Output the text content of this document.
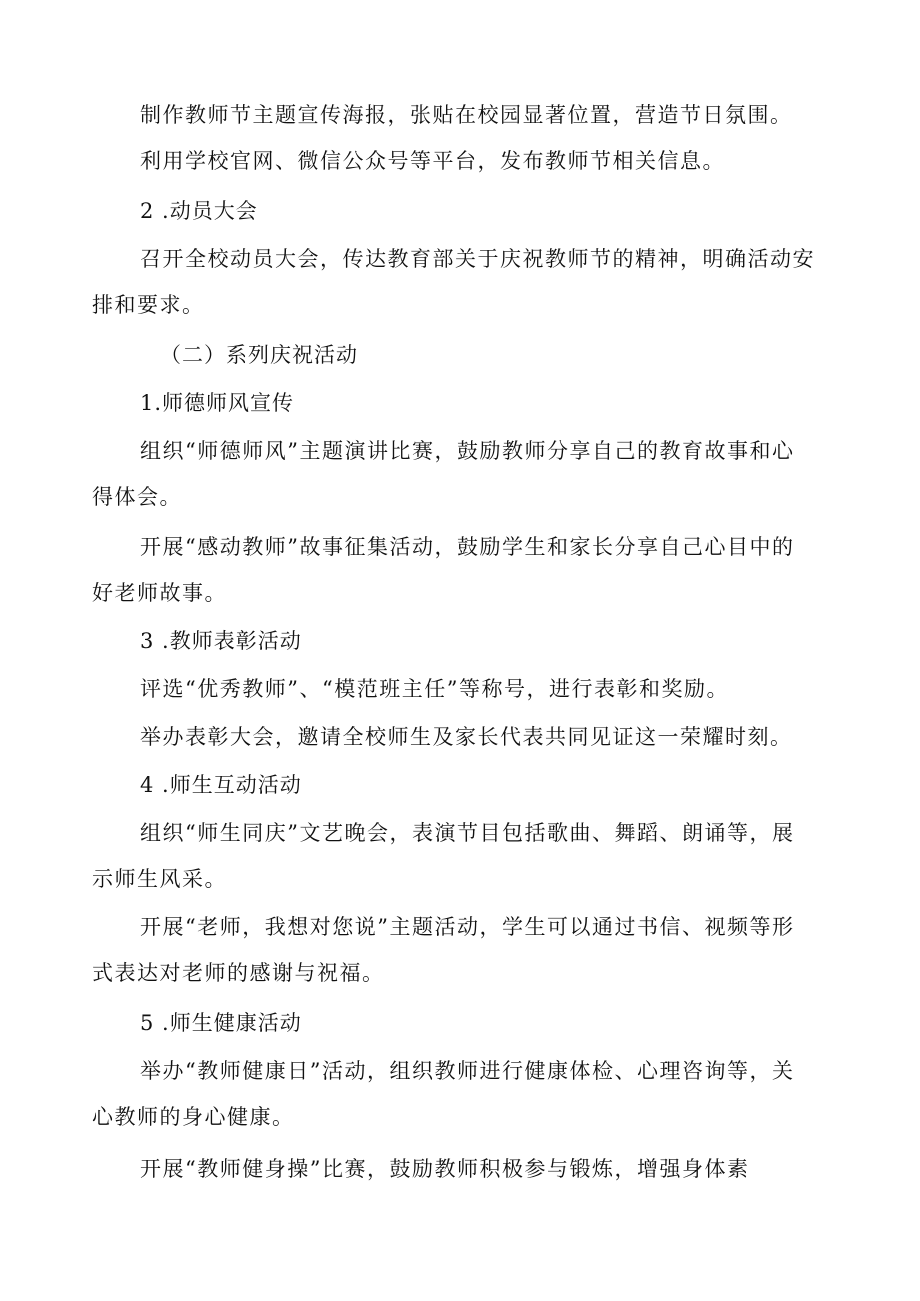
制作教师节主题宣传海报，张贴在校园显著位置，营造节日氛围。

利用学校官网、微信公众号等平台，发布教师节相关信息。

2 .动员大会

召开全校动员大会，传达教育部关于庆祝教师节的精神，明确活动安

排和要求。

（二）系列庆祝活动

1.师德师风宣传

组织“师德师风”主题演讲比赛，鼓励教师分享自己的教育故事和心

得体会。

开展“感动教师”故事征集活动，鼓励学生和家长分享自己心目中的

好老师故事。

3 .教师表彰活动

评选“优秀教师”、“模范班主任”等称号，进行表彰和奖励。

举办表彰大会，邀请全校师生及家长代表共同见证这一荣耀时刻。

4 .师生互动活动

组织“师生同庆”文艺晚会，表演节目包括歌曲、舞蹈、朗诵等，展

示师生风采。

开展“老师，我想对您说”主题活动，学生可以通过书信、视频等形

式表达对老师的感谢与祝福。

5 .师生健康活动

举办“教师健康日”活动，组织教师进行健康体检、心理咨询等，关

心教师的身心健康。

开展“教师健身操”比赛，鼓励教师积极参与锻炼，增强身体素
